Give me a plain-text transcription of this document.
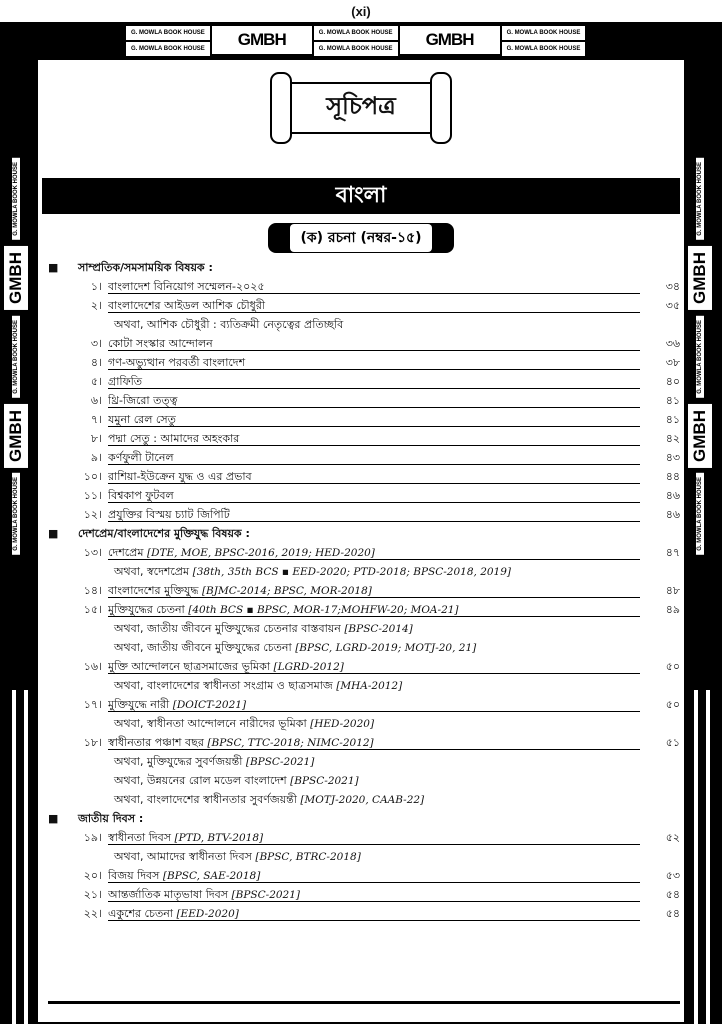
(xi)
G. MOWLA BOOK HOUSE
G. MOWLA BOOK HOUSE	GMBH	G. MOWLA BOOK HOUSE
G. MOWLA BOOK HOUSE	GMBH	G. MOWLA BOOK HOUSE
G. MOWLA BOOK HOUSE
G. MOWLA BOOK HOUSE
GMBH
G. MOWLA BOOK HOUSE
GMBH
G. MOWLA BOOK HOUSE
G. MOWLA BOOK HOUSE
GMBH
G. MOWLA BOOK HOUSE
GMBH
G. MOWLA BOOK HOUSE
সূচিপত্র
বাংলা
(ক) রচনা (নম্বর-১৫)
■ সাম্প্রতিক/সমসাময়িক বিষয়ক :
১। বাংলাদেশ বিনিয়োগ সম্মেলন-২০২৫	৩৪
২। বাংলাদেশের আইডল আশিক চৌধুরী	৩৫
অথবা, আশিক চৌধুরী : ব্যতিক্রমী নেতৃত্বের প্রতিচ্ছবি
৩। কোটা সংস্কার আন্দোলন	৩৬
৪। গণ-অভ্যুত্থান পরবর্তী বাংলাদেশ	৩৮
৫। গ্রাফিতি	৪০
৬। থ্রি-জিরো তত্ত্ব	৪১
৭। যমুনা রেল সেতু	৪১
৮। পদ্মা সেতু : আমাদের অহংকার	৪২
৯। কর্ণফুলী টানেল	৪৩
১০। রাশিয়া-ইউক্রেন যুদ্ধ ও এর প্রভাব	৪৪
১১। বিশ্বকাপ ফুটবল	৪৬
১২। প্রযুক্তির বিস্ময় চ্যাট জিপিটি	৪৬
■ দেশপ্রেম/বাংলাদেশের মুক্তিযুদ্ধ বিষয়ক :
১৩। দেশপ্রেম [DTE, MOE, BPSC-2016, 2019; HED-2020]	৪৭
অথবা, স্বদেশপ্রেম [38th, 35th BCS ▪ EED-2020; PTD-2018; BPSC-2018, 2019]
১৪। বাংলাদেশের মুক্তিযুদ্ধ [BJMC-2014; BPSC, MOR-2018]	৪৮
১৫। মুক্তিযুদ্ধের চেতনা [40th BCS ▪ BPSC, MOR-17;MOHFW-20; MOA-21]	৪৯
অথবা, জাতীয় জীবনে মুক্তিযুদ্ধের চেতনার বাস্তবায়ন [BPSC-2014]
অথবা, জাতীয় জীবনে মুক্তিযুদ্ধের চেতনা [BPSC, LGRD-2019; MOTJ-20, 21]
১৬। মুক্তি আন্দোলনে ছাত্রসমাজের ভূমিকা [LGRD-2012]	৫০
অথবা, বাংলাদেশের স্বাধীনতা সংগ্রাম ও ছাত্রসমাজ [MHA-2012]
১৭। মুক্তিযুদ্ধে নারী [DOICT-2021]	৫০
অথবা, স্বাধীনতা আন্দোলনে নারীদের ভূমিকা [HED-2020]
১৮। স্বাধীনতার পঞ্চাশ বছর [BPSC, TTC-2018; NIMC-2012]	৫১
অথবা, মুক্তিযুদ্ধের সুবর্ণজয়ন্তী [BPSC-2021]
অথবা, উন্নয়নের রোল মডেল বাংলাদেশ [BPSC-2021]
অথবা, বাংলাদেশের স্বাধীনতার সুবর্ণজয়ন্তী [MOTJ-2020, CAAB-22]
■ জাতীয় দিবস :
১৯। স্বাধীনতা দিবস [PTD, BTV-2018]	৫২
অথবা, আমাদের স্বাধীনতা দিবস [BPSC, BTRC-2018]
২০। বিজয় দিবস [BPSC, SAE-2018]	৫৩
২১। আন্তর্জাতিক মাতৃভাষা দিবস [BPSC-2021]	৫৪
২২। একুশের চেতনা [EED-2020]	৫৪
